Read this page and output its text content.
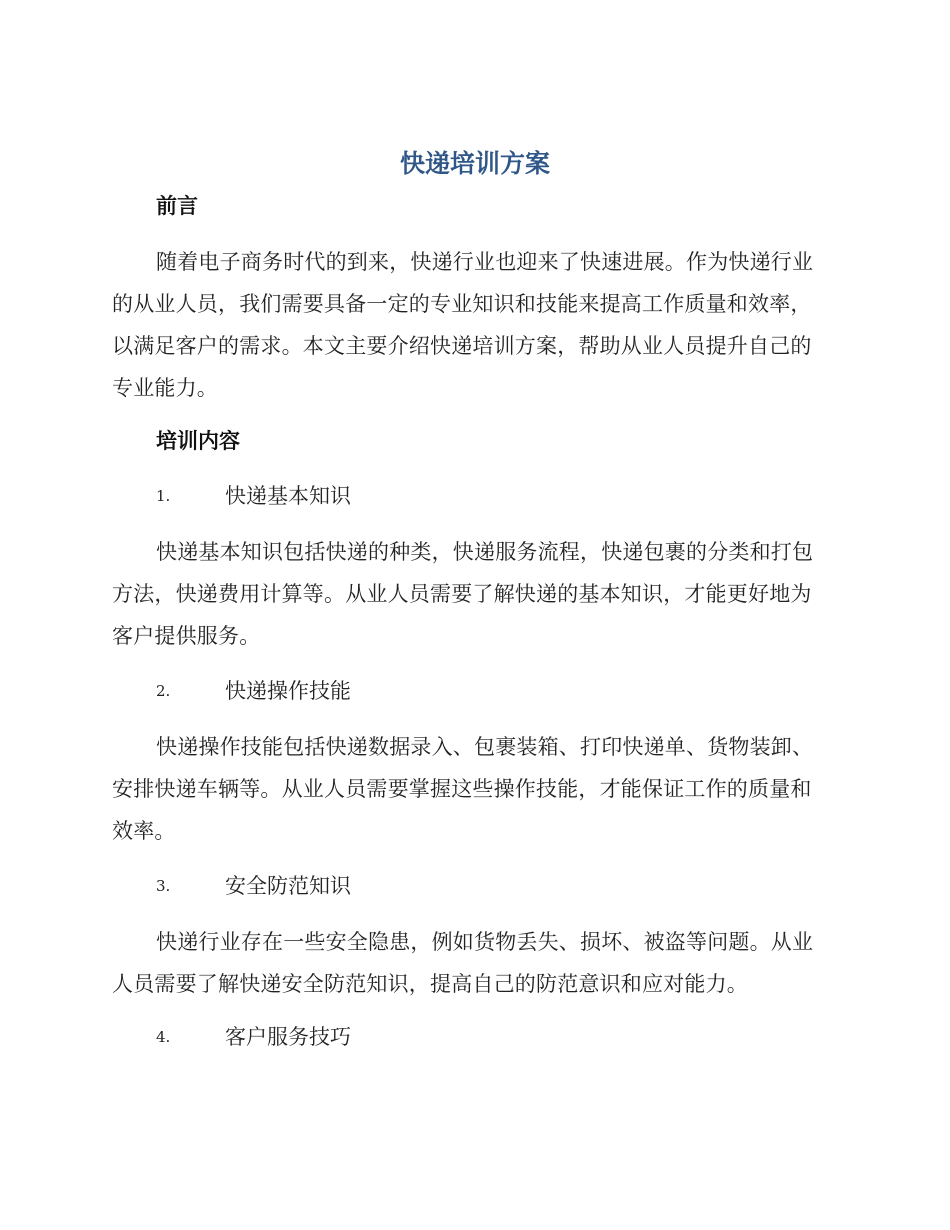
快递培训方案
前言

随着电子商务时代的到来，快递行业也迎来了快速进展。作为快递行业的从业人员，我们需要具备一定的专业知识和技能来提高工作质量和效率，以满足客户的需求。本文主要介绍快递培训方案，帮助从业人员提升自己的专业能力。

培训内容
1.	快递基本知识

快递基本知识包括快递的种类，快递服务流程，快递包裹的分类和打包方法，快递费用计算等。从业人员需要了解快递的基本知识，才能更好地为客户提供服务。

2.	快递操作技能

快递操作技能包括快递数据录入、包裹装箱、打印快递单、货物装卸、安排快递车辆等。从业人员需要掌握这些操作技能，才能保证工作的质量和效率。

3.	安全防范知识

快递行业存在一些安全隐患，例如货物丢失、损坏、被盗等问题。从业人员需要了解快递安全防范知识，提高自己的防范意识和应对能力。

4.	客户服务技巧
